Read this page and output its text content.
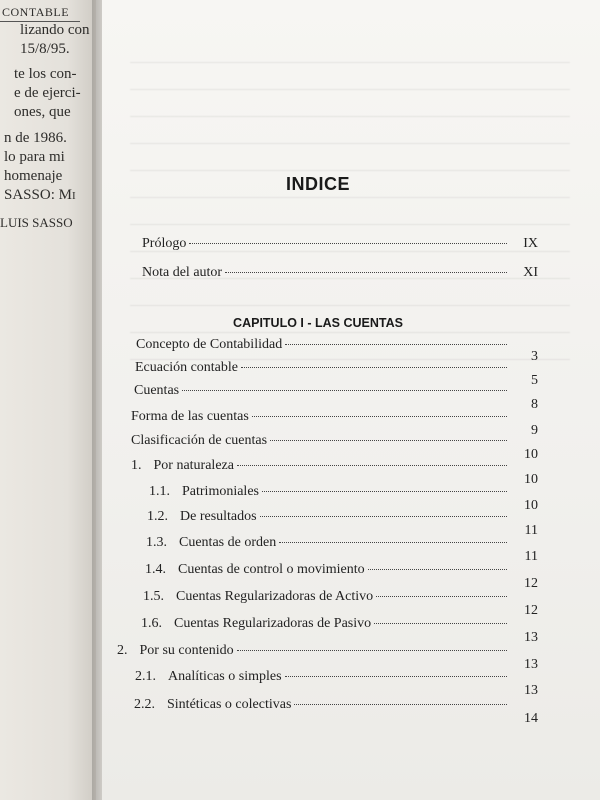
CONTABLE
lizando con
15/8/95.
te los con-
e de ejerci-
ones, que
n de 1986.
lo para mi
homenaje
SASSO: Mi
LUIS SASSO
INDICE
Prólogo	IX
Nota del autor	XI
CAPITULO I - LAS CUENTAS
Concepto de Contabilidad
3
Ecuación contable
5
Cuentas
8
Forma de las cuentas
9
Clasificación de cuentas
10
1. Por naturaleza
10
1.1. Patrimoniales
10
1.2. De resultados
11
1.3. Cuentas de orden
11
1.4. Cuentas de control o movimiento
12
1.5. Cuentas Regularizadoras de Activo
12
1.6. Cuentas Regularizadoras de Pasivo
13
2. Por su contenido
13
2.1. Analíticas o simples
13
2.2. Sintéticas o colectivas
14
